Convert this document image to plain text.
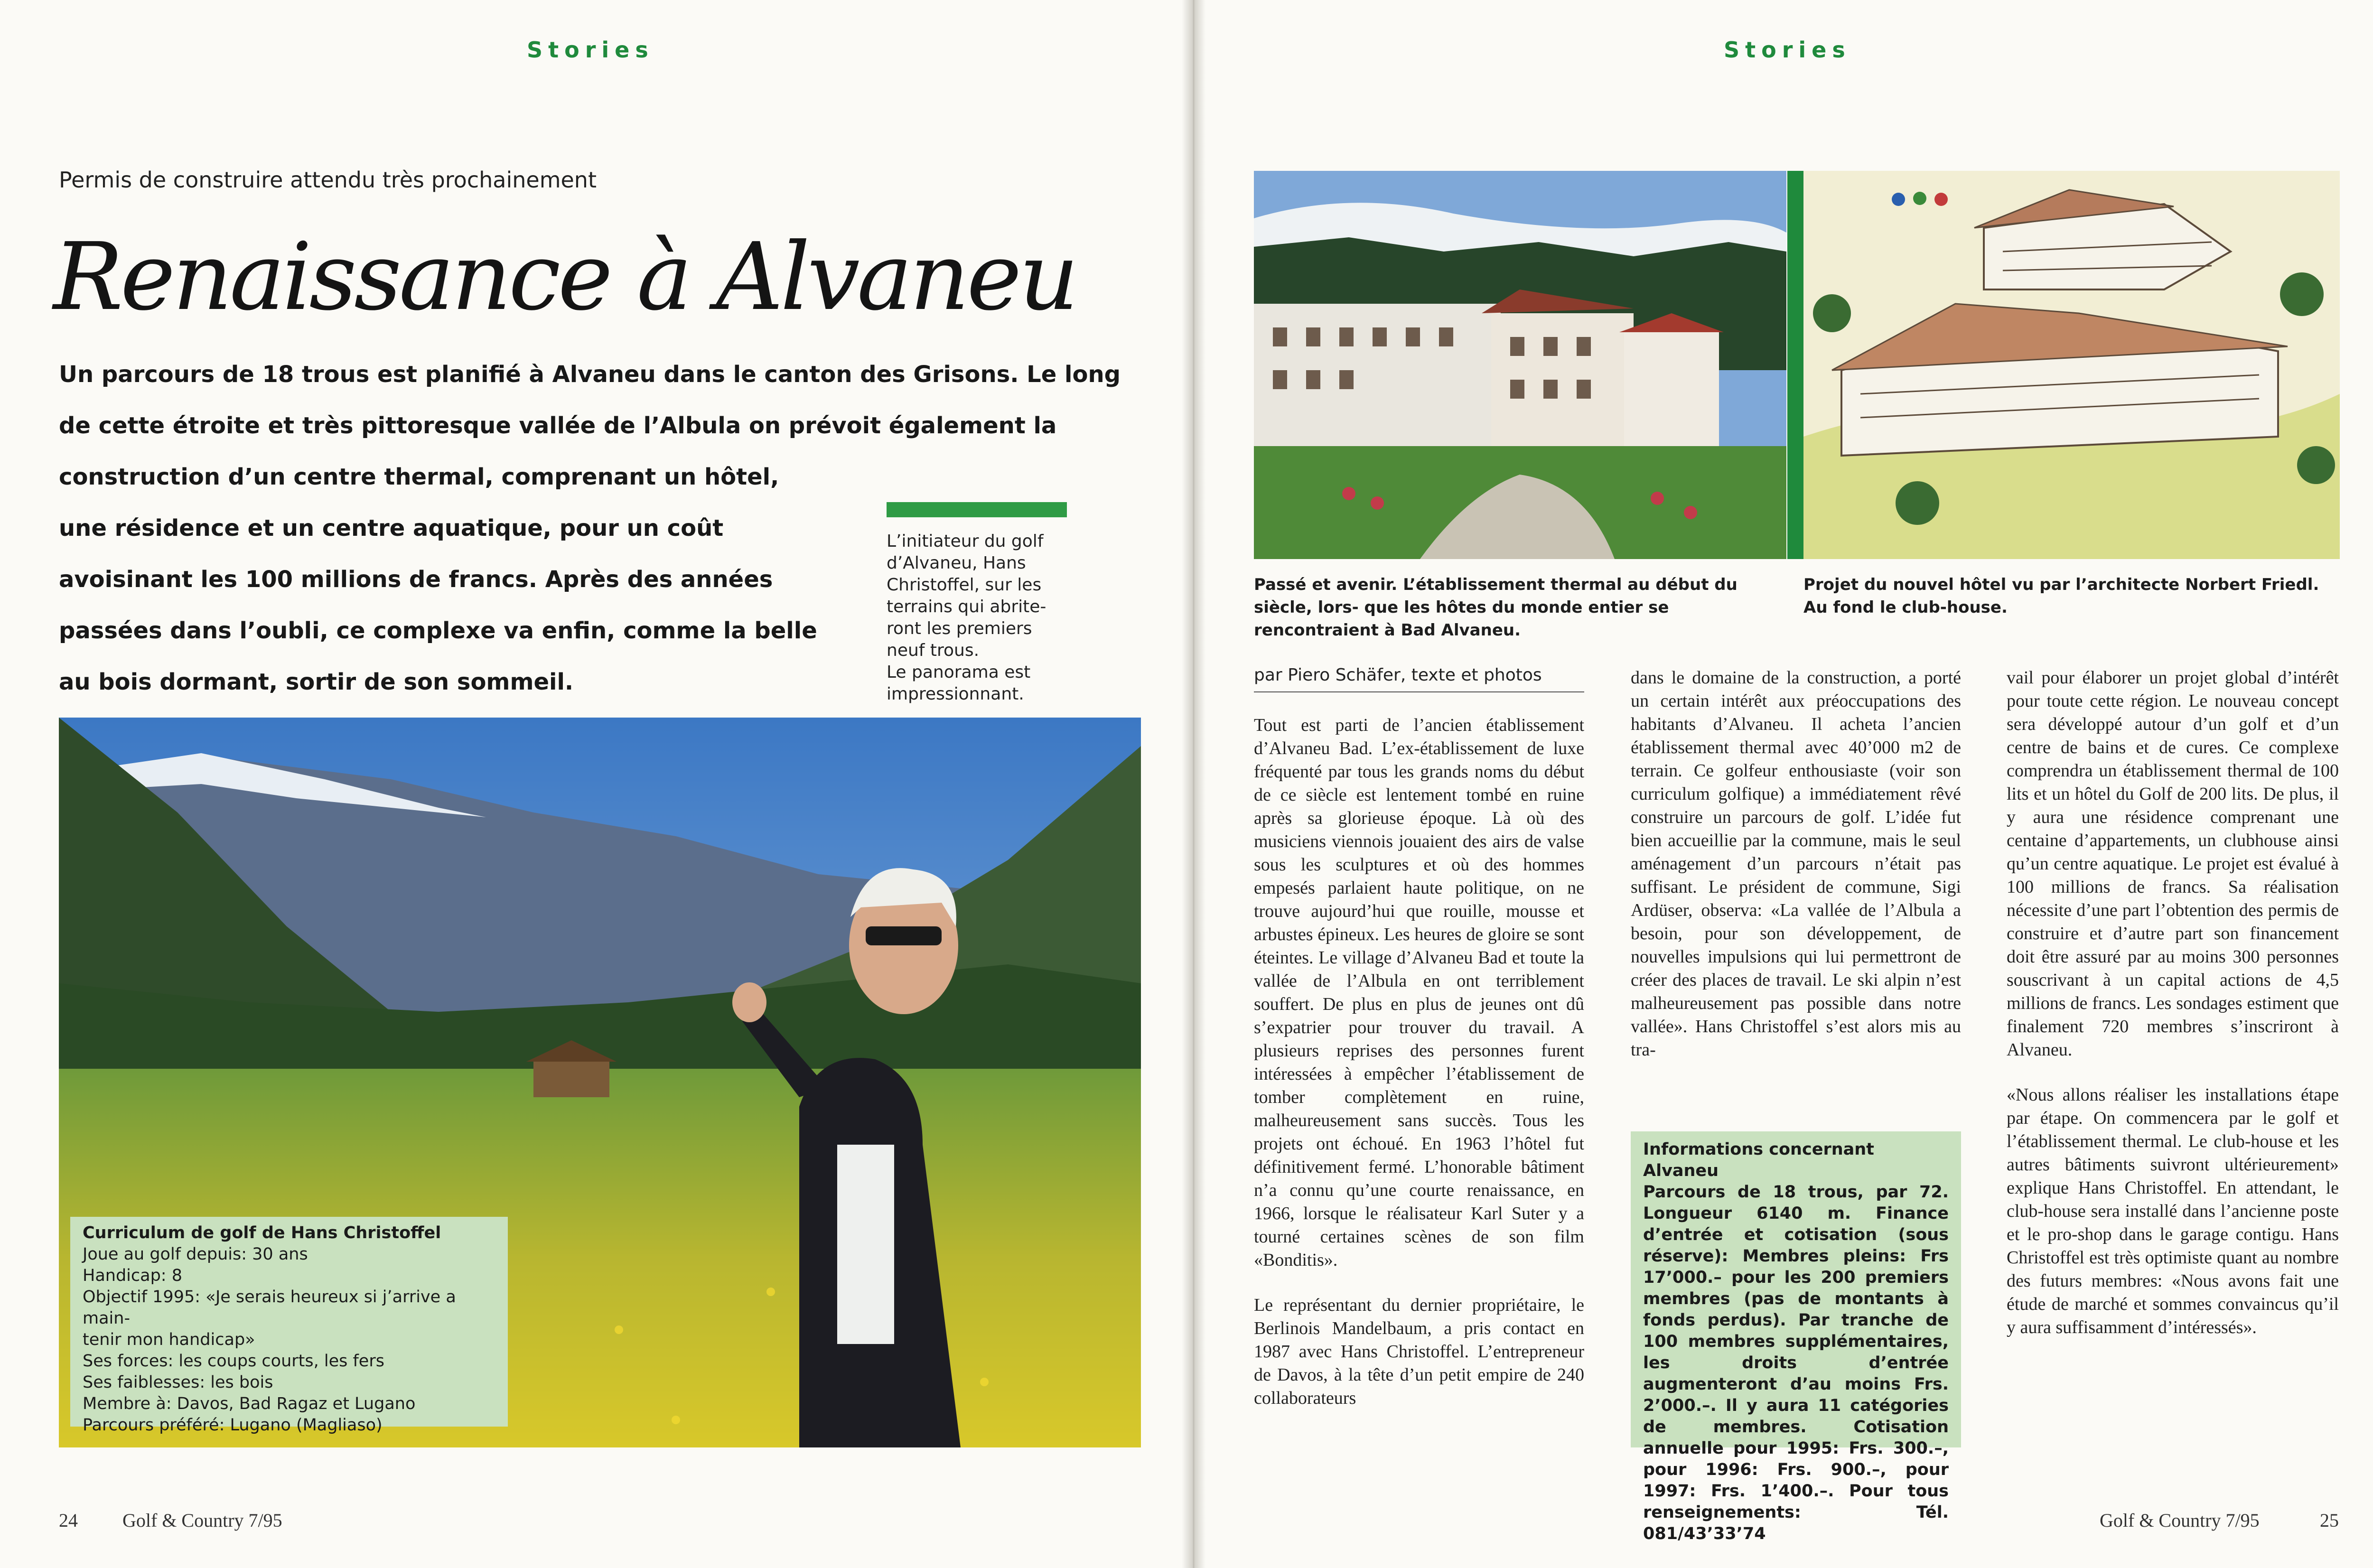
Stories
Permis de construire attendu très prochainement
Renaissance à Alvaneu
Un parcours de 18 trous est planifié à Alvaneu dans le canton des Grisons. Le long
de cette étroite et très pittoresque vallée de l’Albula on prévoit également la
construction d’un centre thermal, comprenant un hôtel,
une résidence et un centre aquatique, pour un coût
avoisinant les 100 millions de francs. Après des années
passées dans l’oubli, ce complexe va enfin, comme la belle
au bois dormant, sortir de son sommeil.
L’initiateur du golf
d’Alvaneu, Hans
Christoffel, sur les
terrains qui abrite-
ront les premiers
neuf trous.
Le panorama est
impressionnant.
Curriculum de golf de Hans Christoffel
Joue au golf depuis: 30 ans
Handicap: 8
Objectif 1995: «Je serais heureux si j’arrive a main-
tenir mon handicap»
Ses forces: les coups courts, les fers
Ses faiblesses: les bois
Membre à: Davos, Bad Ragaz et Lugano
Parcours préféré: Lugano (Magliaso)
24 Golf & Country 7/95
Stories
Passé et avenir. L’établissement thermal au début du siècle, lors- que les hôtes du monde entier se rencontraient à Bad Alvaneu.
Projet du nouvel hôtel vu par l’architecte Norbert Friedl. Au fond le club-house.
par Piero Schäfer, texte et photos

Tout est parti de l’ancien établissement d’Alvaneu Bad. L’ex-établissement de luxe fréquenté par tous les grands noms du début de ce siècle est lentement tombé en ruine après sa glorieuse époque. Là où des musiciens viennois jouaient des airs de valse sous les sculptures et où des hommes empesés parlaient haute politique, on ne trouve aujourd’hui que rouille, mousse et arbustes épineux. Les heures de gloire se sont éteintes. Le village d’Alvaneu Bad et toute la vallée de l’Albula en ont terriblement souffert. De plus en plus de jeunes ont dû s’expatrier pour trouver du travail. A plusieurs reprises des personnes furent intéressées à empêcher l’établissement de tomber complètement en ruine, malheureusement sans succès. Tous les projets ont échoué. En 1963 l’hôtel fut définitivement fermé. L’honorable bâtiment n’a connu qu’une courte renaissance, en 1966, lorsque le réalisateur Karl Suter y a tourné certaines scènes de son film «Bonditis».

Le représentant du dernier propriétaire, le Berlinois Mandelbaum, a pris contact en 1987 avec Hans Christoffel. L’entrepreneur de Davos, à la tête d’un petit empire de 240 collaborateurs

dans le domaine de la construction, a porté un certain intérêt aux préoccupations des habitants d’Alvaneu. Il acheta l’ancien établissement thermal avec 40’000 m2 de terrain. Ce golfeur enthousiaste (voir son curriculum golfique) a immédiatement rêvé construire un parcours de golf. L’idée fut bien accueillie par la commune, mais le seul aménagement d’un parcours n’était pas suffisant. Le président de commune, Sigi Ardüser, observa: «La vallée de l’Albula a besoin, pour son développement, de nouvelles impulsions qui lui permettront de créer des places de travail. Le ski alpin n’est malheureusement pas possible dans notre vallée». Hans Christoffel s’est alors mis au tra-

vail pour élaborer un projet global d’intérêt pour toute cette région. Le nouveau concept sera développé autour d’un golf et d’un centre de bains et de cures. Ce complexe comprendra un établissement thermal de 100 lits et un hôtel du Golf de 200 lits. De plus, il y aura une résidence comprenant une centaine d’appartements, un clubhouse ainsi qu’un centre aquatique. Le projet est évalué à 100 millions de francs. Sa réalisation nécessite d’une part l’obtention des permis de construire et d’autre part son financement doit être assuré par au moins 300 personnes souscrivant à un capital actions de 4,5 millions de francs. Les sondages estiment que finalement 720 membres s’inscriront à Alvaneu.

«Nous allons réaliser les installations étape par étape. On commencera par le golf et l’établissement thermal. Le club-house et les autres bâtiments suivront ultérieurement» explique Hans Christoffel. En attendant, le club-house sera installé dans l’ancienne poste et le pro-shop dans le garage contigu. Hans Christoffel est très optimiste quant au nombre des futurs membres: «Nous avons fait une étude de marché et sommes convaincus qu’il y aura suffisamment d’intéressés».

Informations concernant Alvaneu
Parcours de 18 trous, par 72. Longueur 6140 m. Finance d’entrée et cotisation (sous réserve): Membres pleins: Frs 17’000.– pour les 200 premiers membres (pas de montants à fonds perdus). Par tranche de 100 membres supplémentaires, les droits d’entrée augmenteront d’au moins Frs. 2’000.–. Il y aura 11 catégories de membres. Cotisation annuelle pour 1995: Frs. 300.–, pour 1996: Frs. 900.–, pour 1997: Frs. 1’400.–. Pour tous renseignements: Tél. 081/43’33’74
Golf & Country 7/95	25
